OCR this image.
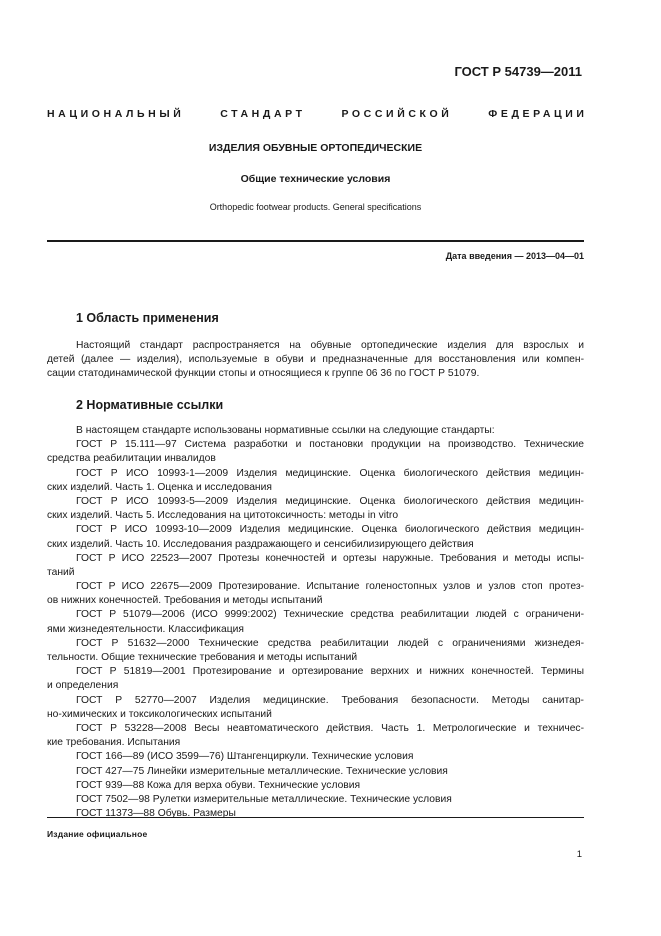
ГОСТ Р 54739—2011
НАЦИОНАЛЬНЫЙ	СТАНДАРТ	РОССИЙСКОЙ	ФЕДЕРАЦИИ
ИЗДЕЛИЯ ОБУВНЫЕ ОРТОПЕДИЧЕСКИЕ
Общие технические условия
Orthopedic footwear products. General specifications
Дата введения — 2013—04—01
1 Область применения
Настоящий стандарт распространяется на обувные ортопедические изделия для взрослых и
детей (далее — изделия), используемые в обуви и предназначенные для восстановления или компен-
сации статодинамической функции стопы и относящиеся к группе 06 36 по ГОСТ Р 51079.
2 Нормативные ссылки
В настоящем стандарте использованы нормативные ссылки на следующие стандарты:
ГОСТ Р 15.111—97 Система разработки и постановки продукции на производство. Технические
средства реабилитации инвалидов
ГОСТ Р ИСО 10993-1—2009 Изделия медицинские. Оценка биологического действия медицин-
ских изделий. Часть 1. Оценка и исследования
ГОСТ Р ИСО 10993-5—2009 Изделия медицинские. Оценка биологического действия медицин-
ских изделий. Часть 5. Исследования на цитотоксичность: методы in vitro
ГОСТ Р ИСО 10993-10—2009 Изделия медицинские. Оценка биологического действия медицин-
ских изделий. Часть 10. Исследования раздражающего и сенсибилизирующего действия
ГОСТ Р ИСО 22523—2007 Протезы конечностей и ортезы наружные. Требования и методы испы-
таний
ГОСТ Р ИСО 22675—2009 Протезирование. Испытание голеностопных узлов и узлов стоп протез-
ов нижних конечностей. Требования и методы испытаний
ГОСТ Р 51079—2006 (ИСО 9999:2002) Технические средства реабилитации людей с ограничени-
ями жизнедеятельности. Классификация
ГОСТ Р 51632—2000 Технические средства реабилитации людей с ограничениями жизнедея-
тельности. Общие технические требования и методы испытаний
ГОСТ Р 51819—2001 Протезирование и ортезирование верхних и нижних конечностей. Термины
и определения
ГОСТ Р 52770—2007 Изделия медицинские. Требования безопасности. Методы санитар-
но-химических и токсикологических испытаний
ГОСТ Р 53228—2008 Весы неавтоматического действия. Часть 1. Метрологические и техничес-
кие требования. Испытания
ГОСТ 166—89 (ИСО 3599—76) Штангенциркули. Технические условия
ГОСТ 427—75 Линейки измерительные металлические. Технические условия
ГОСТ 939—88 Кожа для верха обуви. Технические условия
ГОСТ 7502—98 Рулетки измерительные металлические. Технические условия
ГОСТ 11373—88 Обувь. Размеры
Издание официальное
1
